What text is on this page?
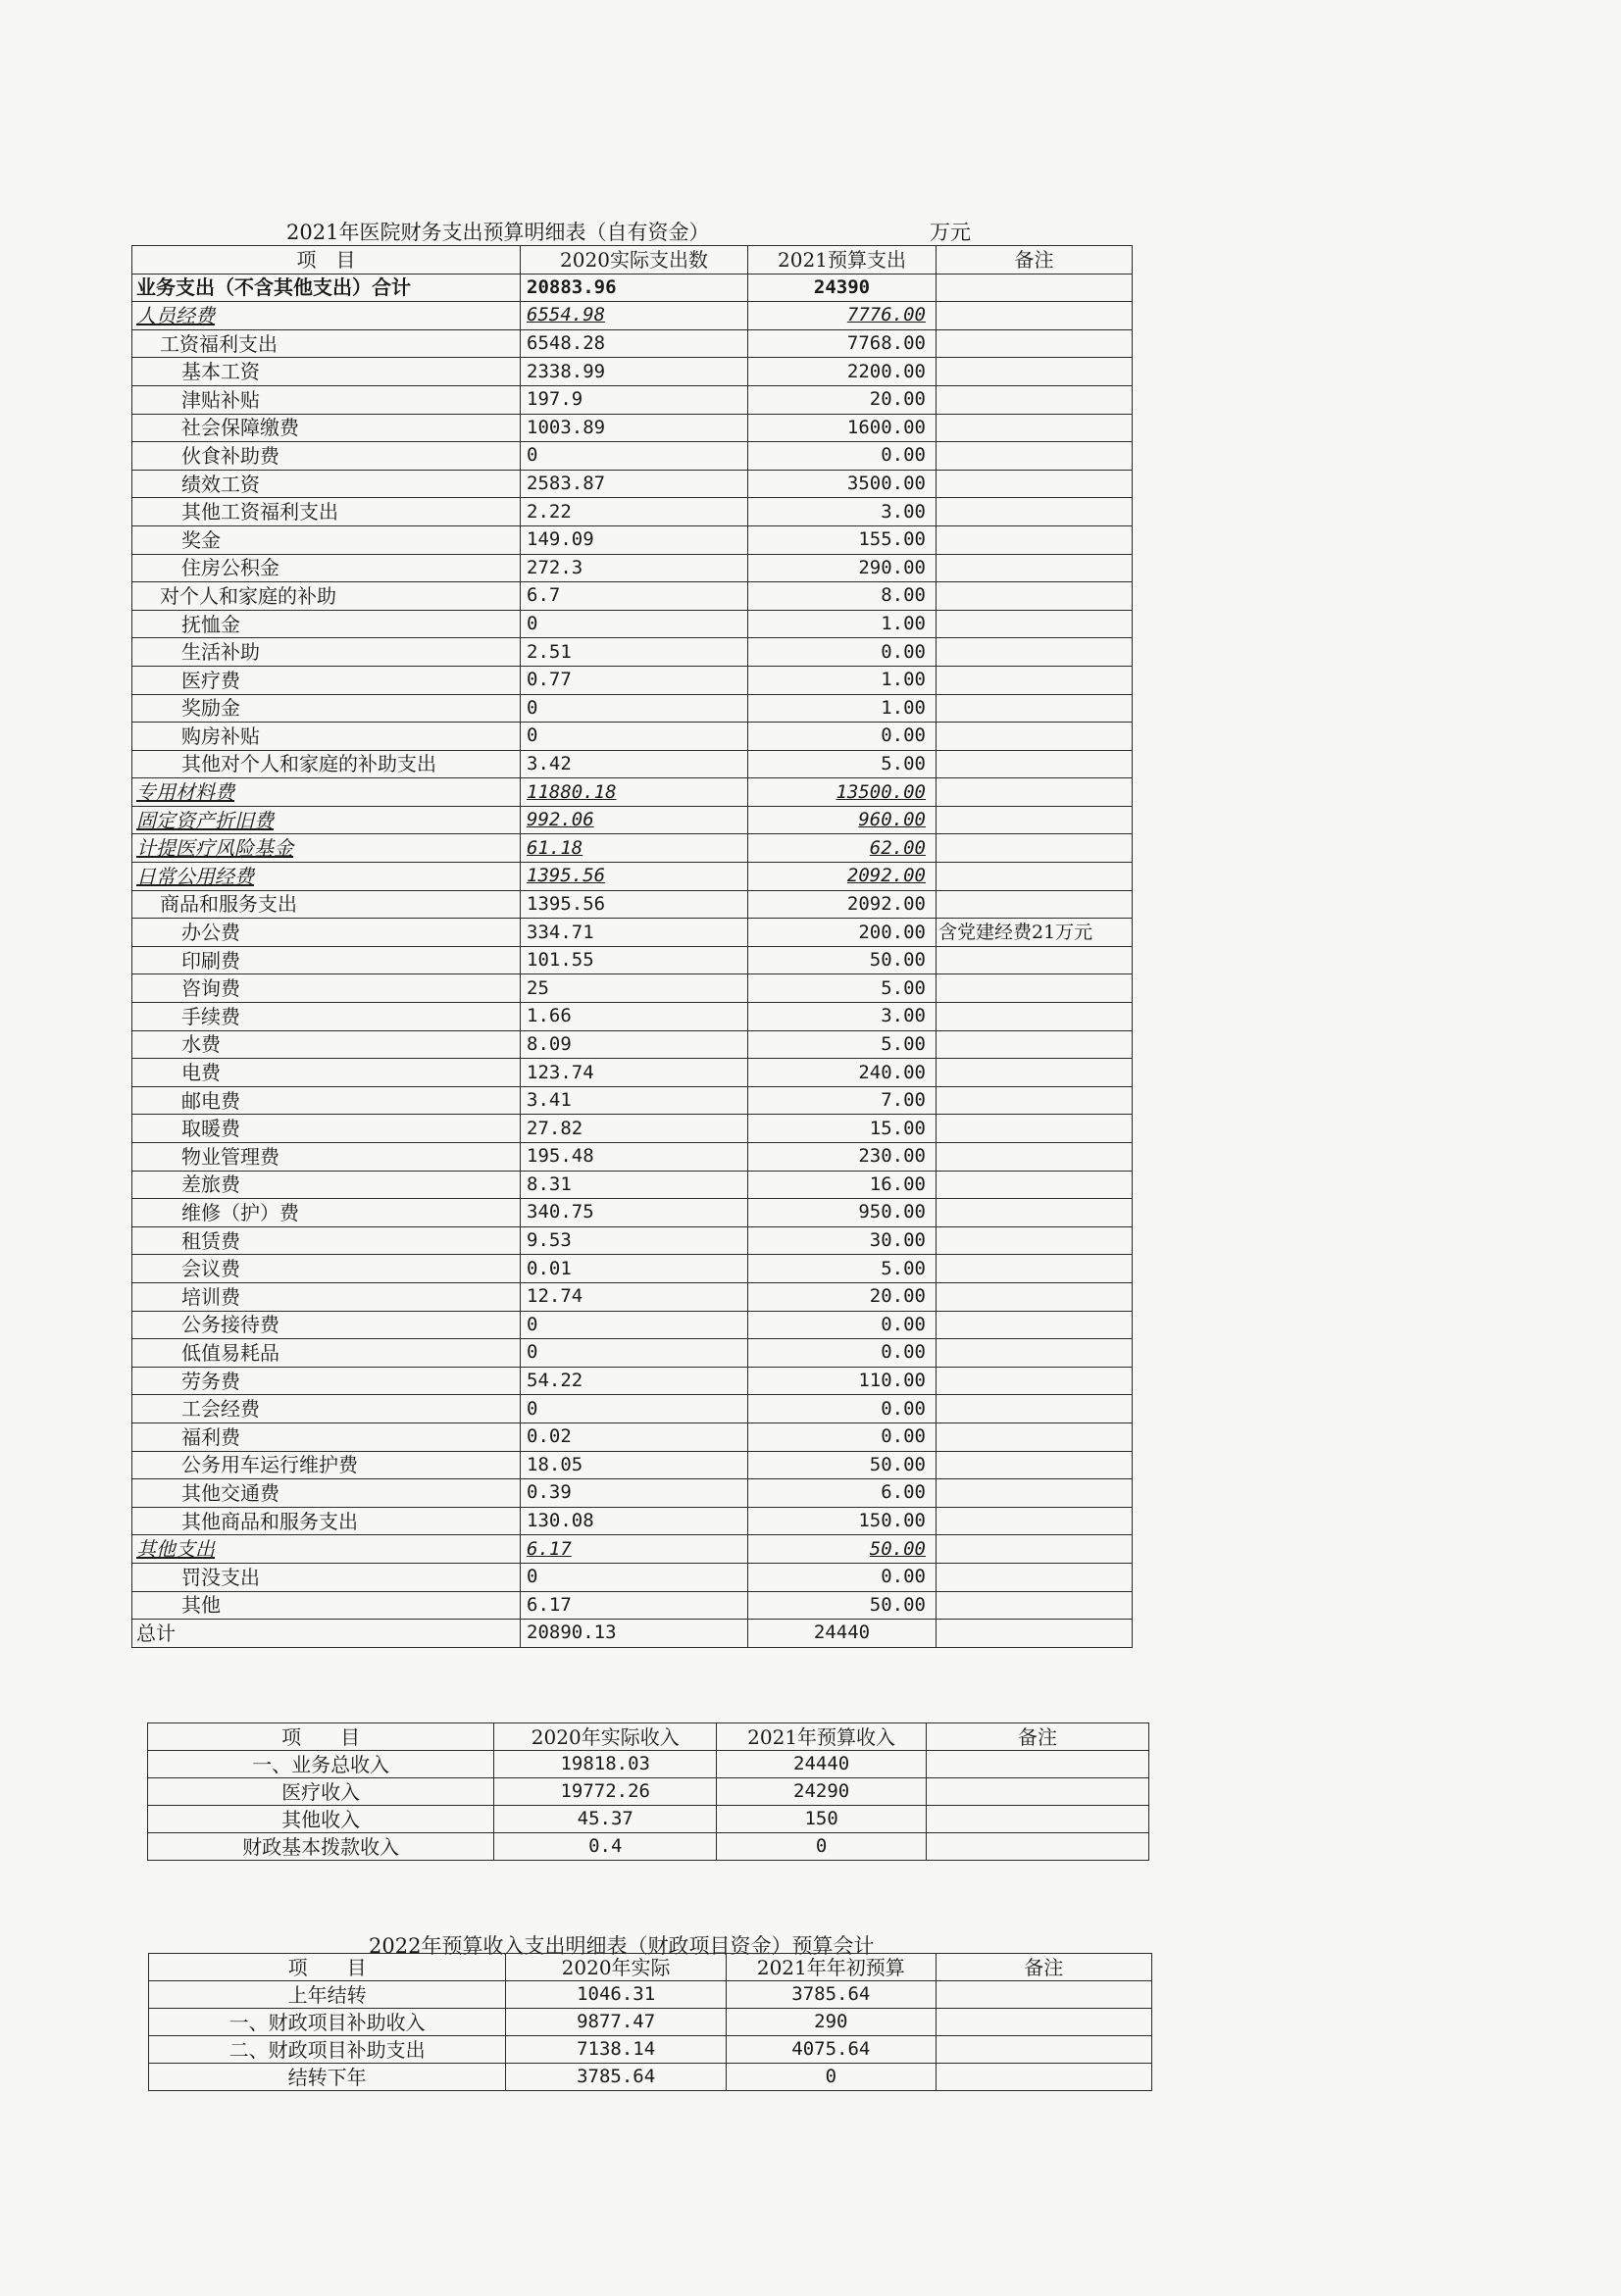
2021年医院财务支出预算明细表（自有资金）	万元
项　目	2020实际支出数	2021预算支出	备注
业务支出（不含其他支出）合计	20883.96	24390	
人员经费	6554.98	7776.00	
工资福利支出	6548.28	7768.00	
基本工资	2338.99	2200.00	
津贴补贴	197.9	20.00	
社会保障缴费	1003.89	1600.00	
伙食补助费	0	0.00	
绩效工资	2583.87	3500.00	
其他工资福利支出	2.22	3.00	
奖金	149.09	155.00	
住房公积金	272.3	290.00	
对个人和家庭的补助	6.7	8.00	
抚恤金	0	1.00	
生活补助	2.51	0.00	
医疗费	0.77	1.00	
奖励金	0	1.00	
购房补贴	0	0.00	
其他对个人和家庭的补助支出	3.42	5.00	
专用材料费	11880.18	13500.00	
固定资产折旧费	992.06	960.00	
计提医疗风险基金	61.18	62.00	
日常公用经费	1395.56	2092.00	
商品和服务支出	1395.56	2092.00	
办公费	334.71	200.00	含党建经费21万元
印刷费	101.55	50.00	
咨询费	25	5.00	
手续费	1.66	3.00	
水费	8.09	5.00	
电费	123.74	240.00	
邮电费	3.41	7.00	
取暖费	27.82	15.00	
物业管理费	195.48	230.00	
差旅费	8.31	16.00	
维修（护）费	340.75	950.00	
租赁费	9.53	30.00	
会议费	0.01	5.00	
培训费	12.74	20.00	
公务接待费	0	0.00	
低值易耗品	0	0.00	
劳务费	54.22	110.00	
工会经费	0	0.00	
福利费	0.02	0.00	
公务用车运行维护费	18.05	50.00	
其他交通费	0.39	6.00	
其他商品和服务支出	130.08	150.00	
其他支出	6.17	50.00	
罚没支出	0	0.00	
其他	6.17	50.00	
总计	20890.13	24440	
项　　目	2020年实际收入	2021年预算收入	备注
一、业务总收入	19818.03	24440	
医疗收入	19772.26	24290	
其他收入	45.37	150	
财政基本拨款收入	0.4	0	
2022年预算收入支出明细表（财政项目资金）预算会计
项　　目	2020年实际	2021年年初预算	备注
上年结转	1046.31	3785.64	
一、财政项目补助收入	9877.47	290	
二、财政项目补助支出	7138.14	4075.64	
结转下年	3785.64	0	
